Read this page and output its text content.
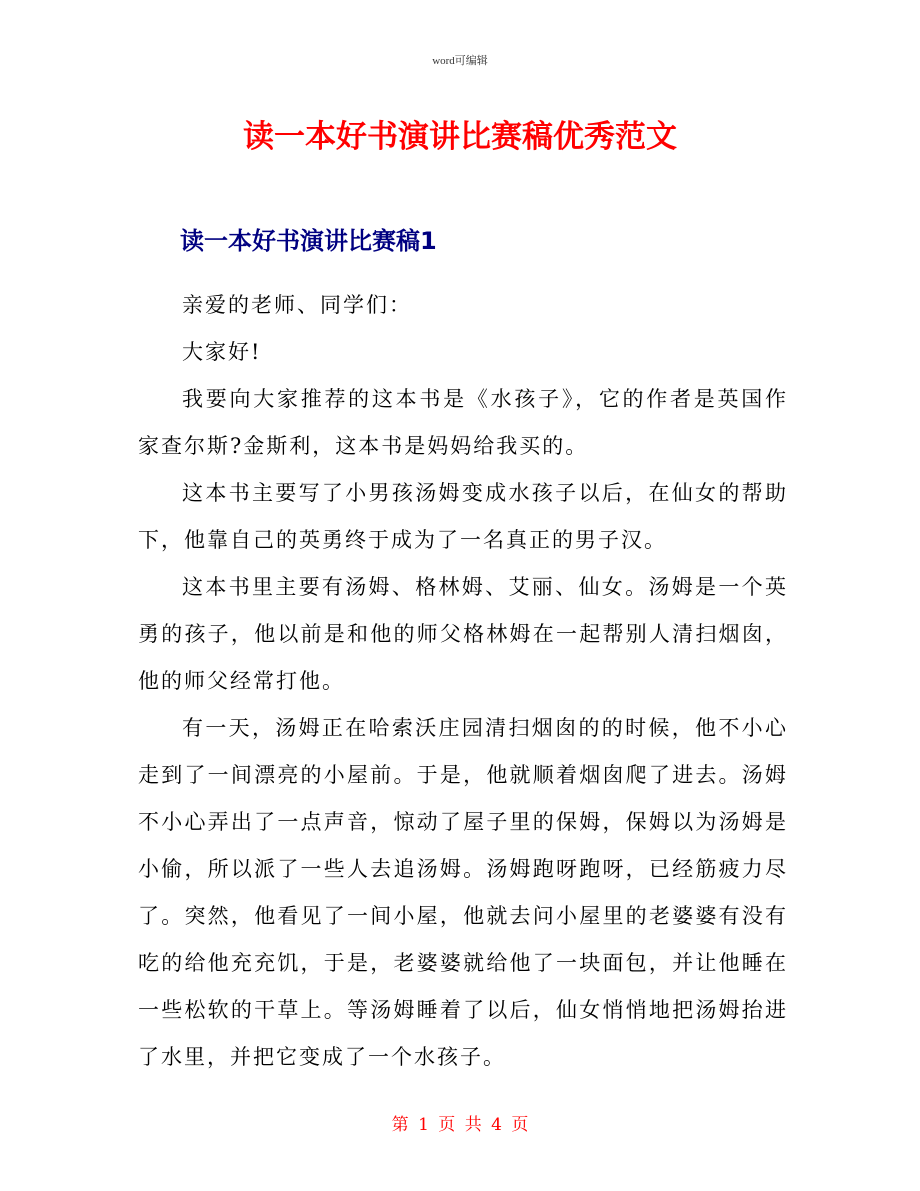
word可编辑
读一本好书演讲比赛稿优秀范文
读一本好书演讲比赛稿1

亲爱的老师、同学们：

大家好!

我要向大家推荐的这本书是《水孩子》，它的作者是英国作家查尔斯?金斯利，这本书是妈妈给我买的。

这本书主要写了小男孩汤姆变成水孩子以后，在仙女的帮助下，他靠自己的英勇终于成为了一名真正的男子汉。

这本书里主要有汤姆、格林姆、艾丽、仙女。汤姆是一个英勇的孩子，他以前是和他的师父格林姆在一起帮别人清扫烟囱，他的师父经常打他。

有一天，汤姆正在哈索沃庄园清扫烟囱的的时候，他不小心走到了一间漂亮的小屋前。于是，他就顺着烟囱爬了进去。汤姆不小心弄出了一点声音，惊动了屋子里的保姆，保姆以为汤姆是小偷，所以派了一些人去追汤姆。汤姆跑呀跑呀，已经筋疲力尽了。突然，他看见了一间小屋，他就去问小屋里的老婆婆有没有吃的给他充充饥，于是，老婆婆就给他了一块面包，并让他睡在一些松软的干草上。等汤姆睡着了以后，仙女悄悄地把汤姆抬进了水里，并把它变成了一个水孩子。

第 1 页 共 4 页
